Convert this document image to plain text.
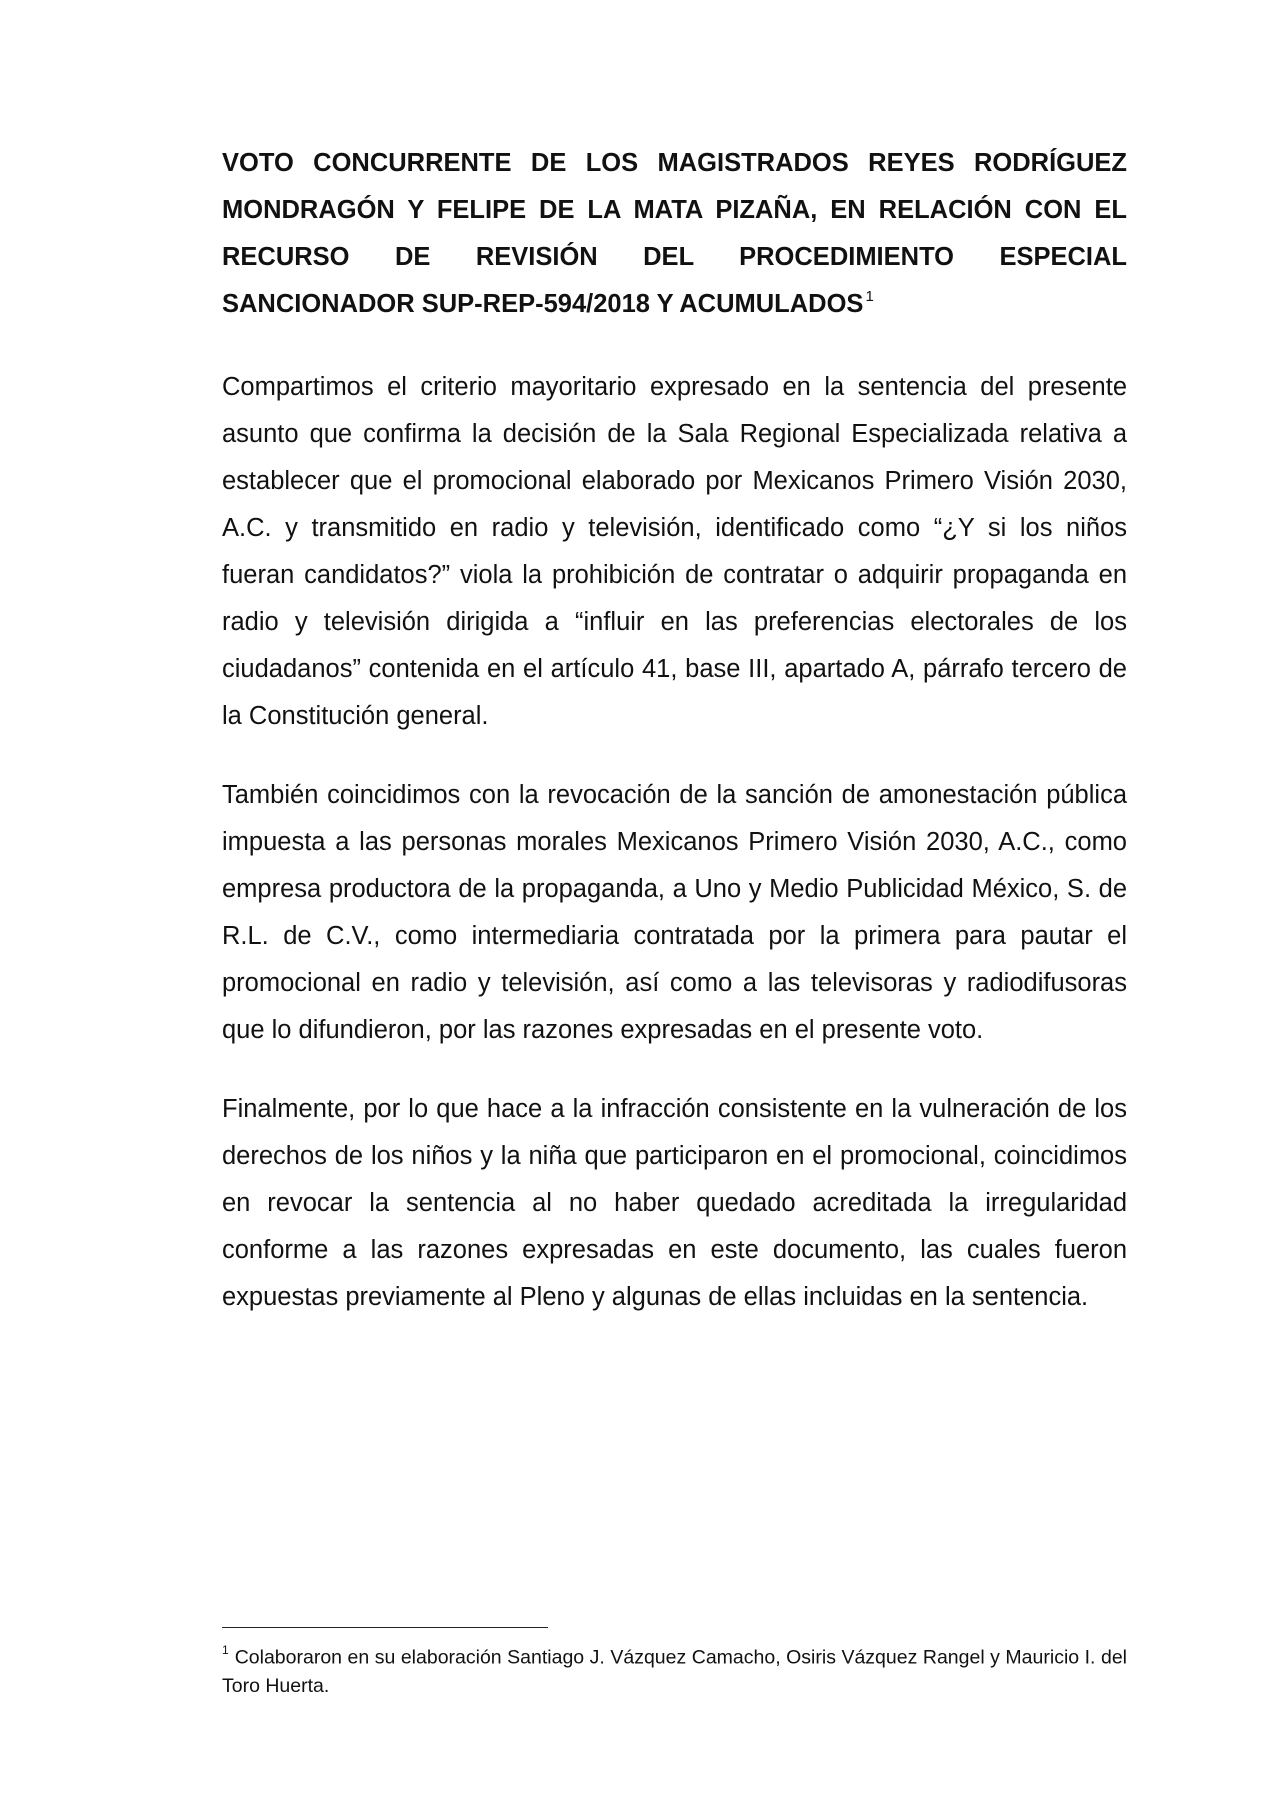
VOTO CONCURRENTE DE LOS MAGISTRADOS REYES RODRÍGUEZ MONDRAGÓN Y FELIPE DE LA MATA PIZAÑA, EN RELACIÓN CON EL RECURSO DE REVISIÓN DEL PROCEDIMIENTO ESPECIAL SANCIONADOR SUP-REP-594/2018 Y ACUMULADOS $^1$

Compartimos el criterio mayoritario expresado en la sentencia del presente asunto que confirma la decisión de la Sala Regional Especializada relativa a establecer que el promocional elaborado por Mexicanos Primero Visión 2030, A.C. y transmitido en radio y televisión, identificado como “¿Y si los niños fueran candidatos?” viola la prohibición de contratar o adquirir propaganda en radio y televisión dirigida a “influir en las preferencias electorales de los ciudadanos” contenida en el artículo 41, base III, apartado A, párrafo tercero de la Constitución general.

También coincidimos con la revocación de la sanción de amonestación pública impuesta a las personas morales Mexicanos Primero Visión 2030, A.C., como empresa productora de la propaganda, a Uno y Medio Publicidad México, S. de R.L. de C.V., como intermediaria contratada por la primera para pautar el promocional en radio y televisión, así como a las televisoras y radiodifusoras que lo difundieron, por las razones expresadas en el presente voto.

Finalmente, por lo que hace a la infracción consistente en la vulneración de los derechos de los niños y la niña que participaron en el promocional, coincidimos en revocar la sentencia al no haber quedado acreditada la irregularidad conforme a las razones expresadas en este documento, las cuales fueron expuestas previamente al Pleno y algunas de ellas incluidas en la sentencia.

$^1$ Colaboraron en su elaboración Santiago J. Vázquez Camacho, Osiris Vázquez Rangel y Mauricio I. del Toro Huerta.
